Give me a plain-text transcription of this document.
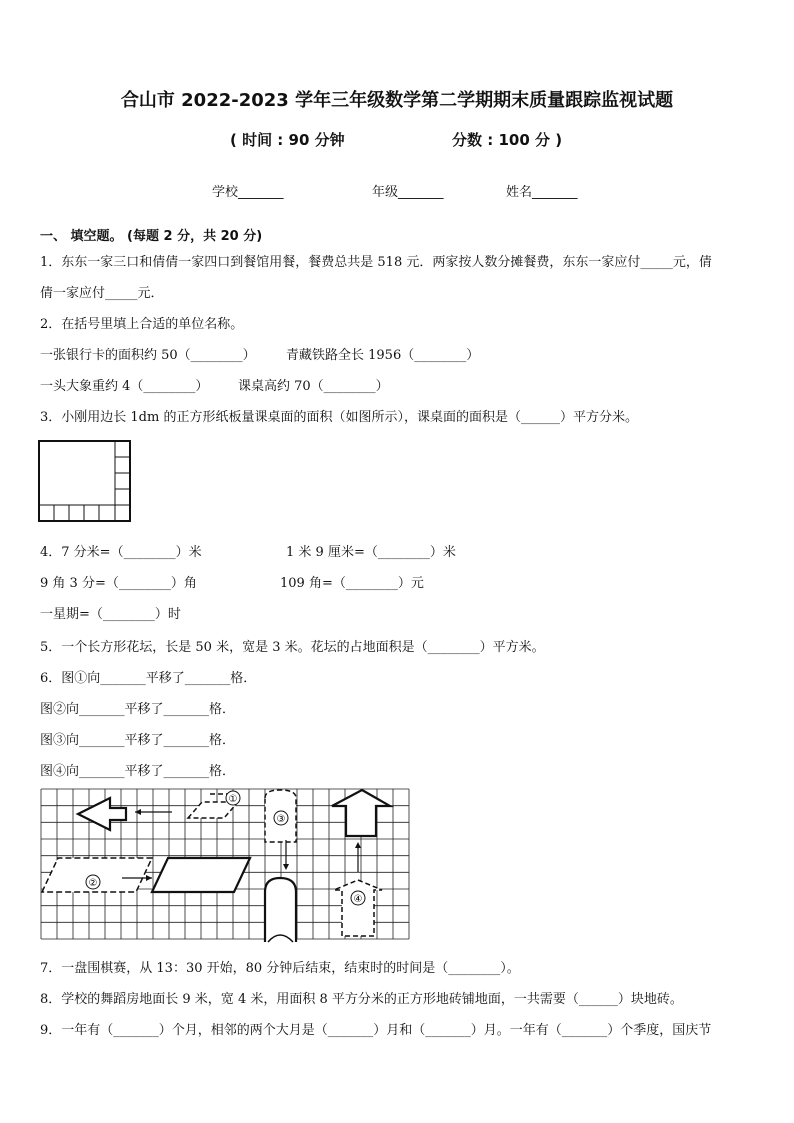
合山市 2022-2023 学年三年级数学第二学期期末质量跟踪监视试题
( 时间 : 90 分钟	分数 : 100 分 )
学校_______	年级_______	姓名_______
一、 填空题。 (每题 2 分，共 20 分)
1．东东一家三口和倩倩一家四口到餐馆用餐，餐费总共是 518 元．两家按人数分摊餐费，东东一家应付_____元，倩
倩一家应付_____元．
2．在括号里填上合适的单位名称。
一张银行卡的面积约 50（________） 青藏铁路全长 1956（________）
一头大象重约 4（________） 课桌高约 70（________）
3．小刚用边长 1dm 的正方形纸板量课桌面的面积（如图所示），课桌面的面积是（______）平方分米。
4．7 分米=（________）米	1 米 9 厘米=（________）米
9 角 3 分=（________）角	109 角=（________）元
一星期=（________）时
5．一个长方形花坛，长是 50 米，宽是 3 米。花坛的占地面积是（________）平方米。
6．图①向_______平移了_______格．
图②向_______平移了_______格．
图③向_______平移了_______格．
图④向_______平移了_______格．
①
②
③
④
7．一盘围棋赛，从 13：30 开始，80 分钟后结束，结束时的时间是（________）。
8．学校的舞蹈房地面长 9 米，宽 4 米，用面积 8 平方分米的正方形地砖铺地面，一共需要（______）块地砖。
9．一年有（_______）个月，相邻的两个大月是（_______）月和（_______）月。一年有（_______）个季度，国庆节
